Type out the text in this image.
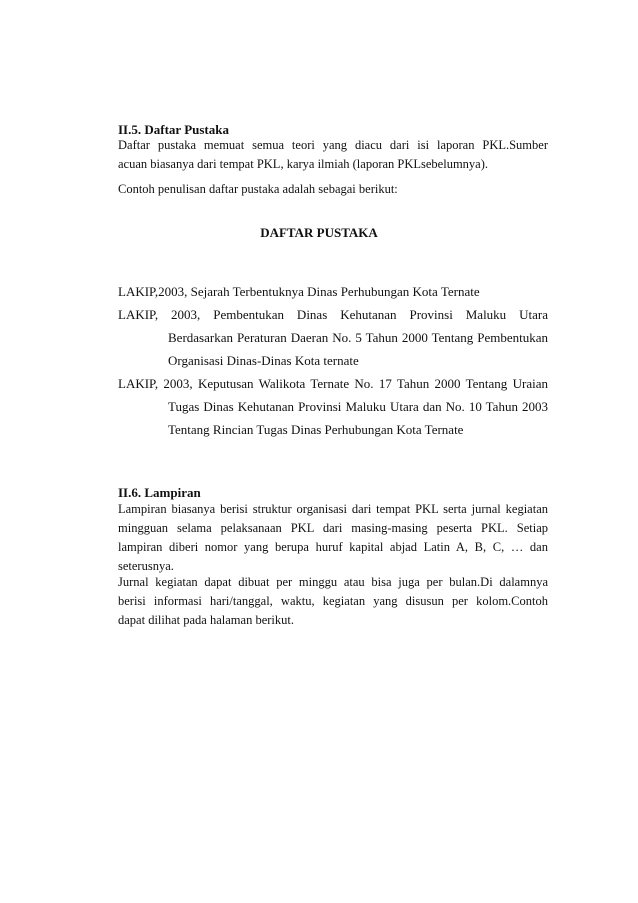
II.5. Daftar Pustaka
Daftar pustaka memuat semua teori yang diacu dari isi laporan PKL.Sumber
acuan biasanya dari tempat PKL, karya ilmiah (laporan PKLsebelumnya).
Contoh penulisan daftar pustaka adalah sebagai berikut:
DAFTAR PUSTAKA
LAKIP,2003, Sejarah Terbentuknya Dinas Perhubungan Kota Ternate
LAKIP, 2003, Pembentukan Dinas Kehutanan Provinsi Maluku Utara
Berdasarkan Peraturan Daeran No. 5 Tahun 2000 Tentang Pembentukan
Organisasi Dinas-Dinas Kota ternate
LAKIP, 2003, Keputusan Walikota Ternate No. 17 Tahun 2000 Tentang Uraian
Tugas Dinas Kehutanan Provinsi Maluku Utara dan No. 10 Tahun 2003
Tentang Rincian Tugas Dinas Perhubungan Kota Ternate
II.6. Lampiran
Lampiran biasanya berisi struktur organisasi dari tempat PKL serta jurnal kegiatan
mingguan selama pelaksanaan PKL dari masing-masing peserta PKL. Setiap
lampiran diberi nomor yang berupa huruf kapital abjad Latin A, B, C, … dan
seterusnya.
Jurnal kegiatan dapat dibuat per minggu atau bisa juga per bulan.Di dalamnya
berisi informasi hari/tanggal, waktu, kegiatan yang disusun per kolom.Contoh
dapat dilihat pada halaman berikut.
